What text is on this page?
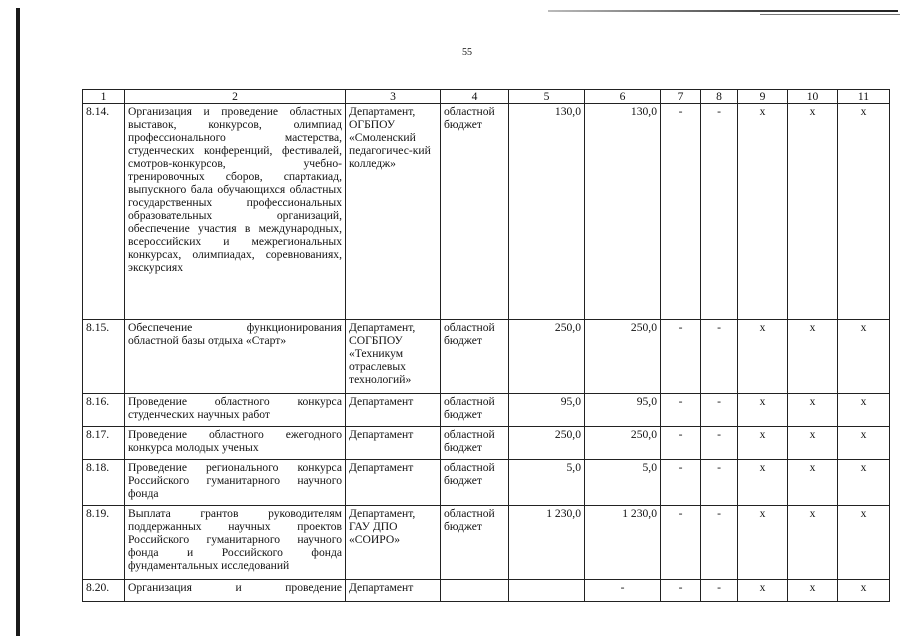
55
1	2	3	4	5	6	7	8	9	10	11
8.14.	Организация и проведение областных выставок, конкурсов, олимпиад профессионального мастерства, студенческих конференций, фестивалей, смотров-конкурсов, учебно-тренировочных сборов, спартакиад, выпускного бала обучающихся областных государственных профессиональных образовательных организаций, обеспечение участия в международных, всероссийских и межрегиональных конкурсах, олимпиадах, соревнованиях, экскурсиях	Департамент, ОГБПОУ «Смоленский педагогичес-кий колледж»	областной бюджет	130,0	130,0	-	-	х	х	х
8.15.	Обеспечение функционирования областной базы отдыха «Старт»	Департамент, СОГБПОУ «Техникум отраслевых технологий»	областной бюджет	250,0	250,0	-	-	х	х	х
8.16.	Проведение областного конкурса студенческих научных работ	Департамент	областной бюджет	95,0	95,0	-	-	х	х	х
8.17.	Проведение областного ежегодного конкурса молодых ученых	Департамент	областной бюджет	250,0	250,0	-	-	х	х	х
8.18.	Проведение регионального конкурса Российского гуманитарного научного фонда	Департамент	областной бюджет	5,0	5,0	-	-	х	х	х
8.19.	Выплата грантов руководителям поддержанных научных проектов Российского гуманитарного научного фонда и Российского фонда фундаментальных исследований	Департамент, ГАУ ДПО «СОИРО»	областной бюджет	1 230,0	1 230,0	-	-	х	х	х
8.20.	Организация и проведение	Департамент			-	-	-	х	х	х
